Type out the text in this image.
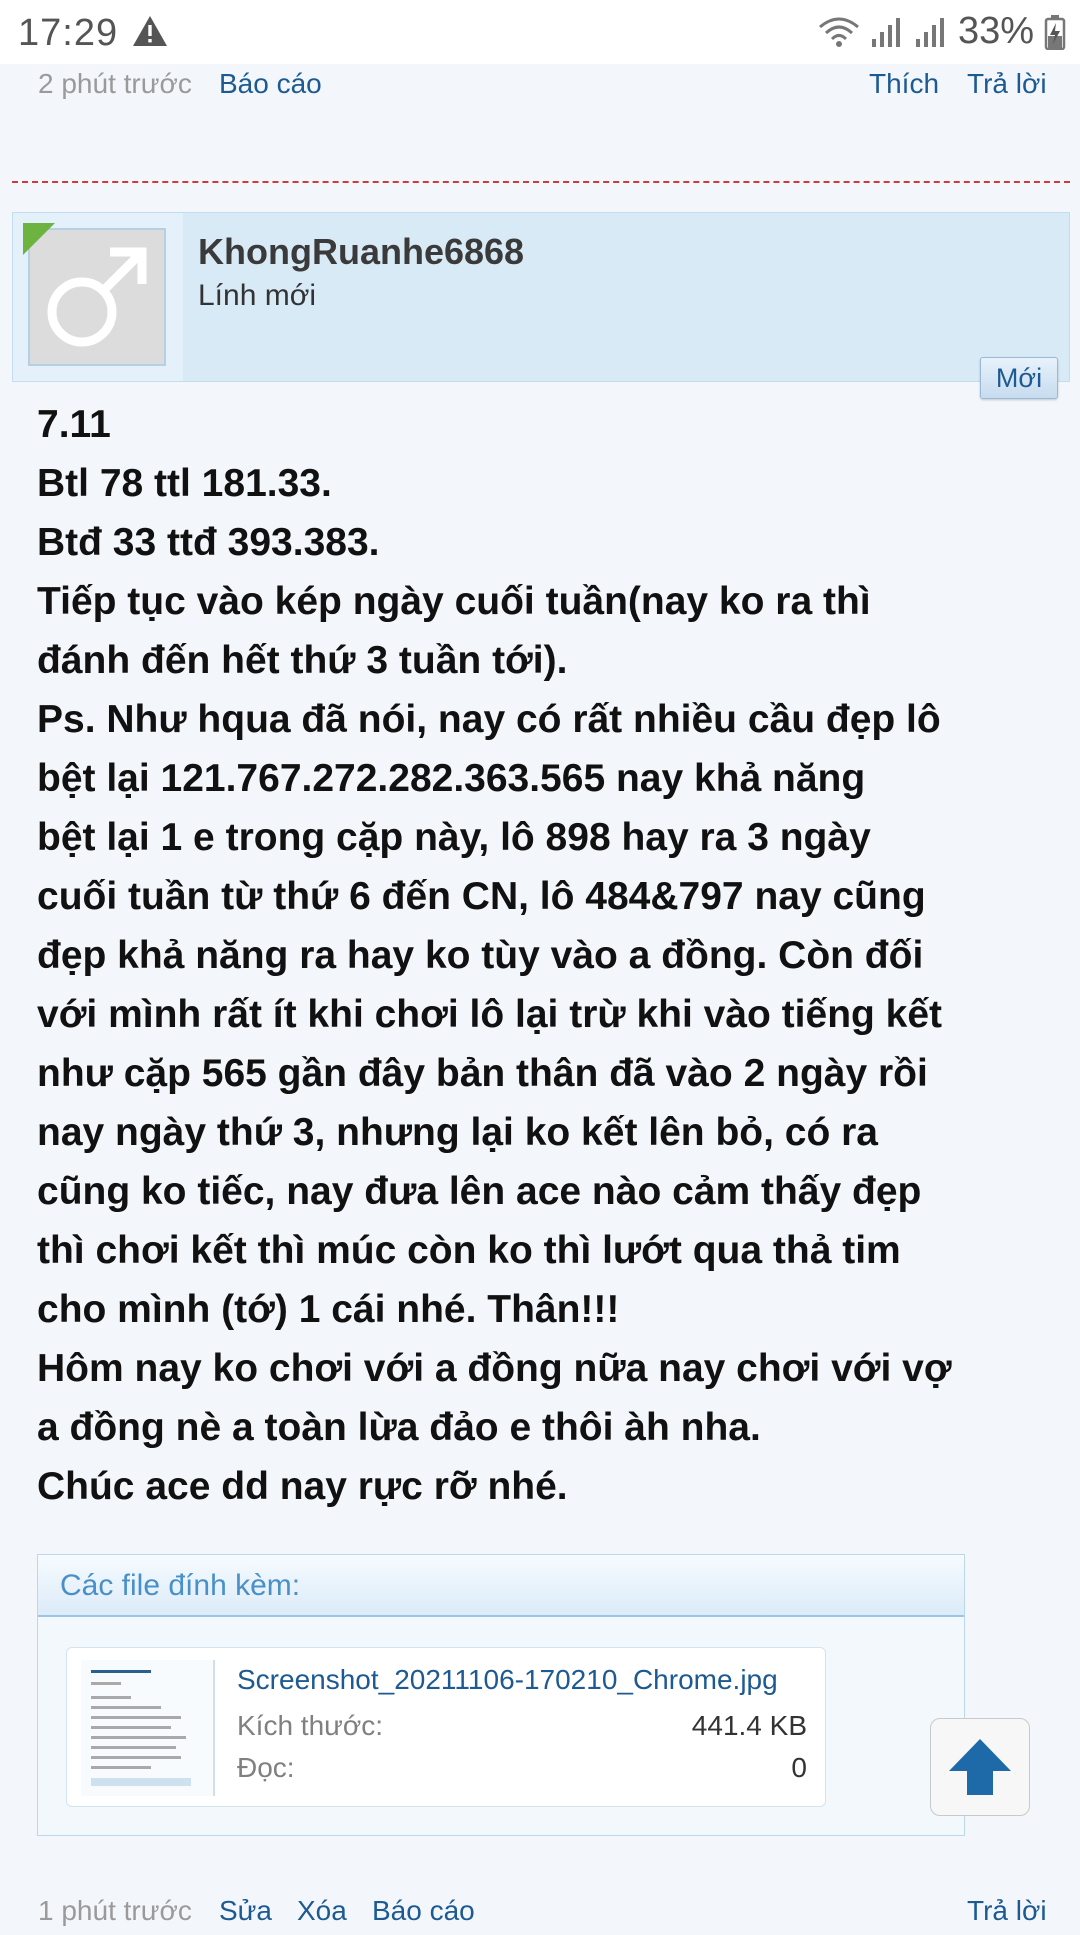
17:29	33%
2 phút trước Báo cáo	Thích Trả lời
KhongRuanhe6868
Lính mới
Mới

7.11

Btl 78 ttl 181.33.

Btđ 33 ttđ 393.383.

Tiếp tục vào kép ngày cuối tuần(nay ko ra thì

đánh đến hết thứ 3 tuần tới).

Ps. Như hqua đã nói, nay có rất nhiều cầu đẹp lô

bệt lại 121.767.272.282.363.565 nay khả năng

bệt lại 1 e trong cặp này, lô 898 hay ra 3 ngày

cuối tuần từ thứ 6 đến CN, lô 484&797 nay cũng

đẹp khả năng ra hay ko tùy vào a đồng. Còn đối

với mình rất ít khi chơi lô lại trừ khi vào tiếng kết

như cặp 565 gần đây bản thân đã vào 2 ngày rồi

nay ngày thứ 3, nhưng lại ko kết lên bỏ, có ra

cũng ko tiếc, nay đưa lên ace nào cảm thấy đẹp

thì chơi kết thì múc còn ko thì lướt qua thả tim

cho mình (tớ) 1 cái nhé. Thân!!!

Hôm nay ko chơi với a đồng nữa nay chơi với vợ

a đồng nè a toàn lừa đảo e thôi àh nha.

Chúc ace dd nay rực rỡ nhé.

Các file đính kèm:
Screenshot_20211106-170210_Chrome.jpg
Kích thước:	441.4 KB
Đọc:	0
1 phút trước Sửa Xóa Báo cáo	Trả lời
